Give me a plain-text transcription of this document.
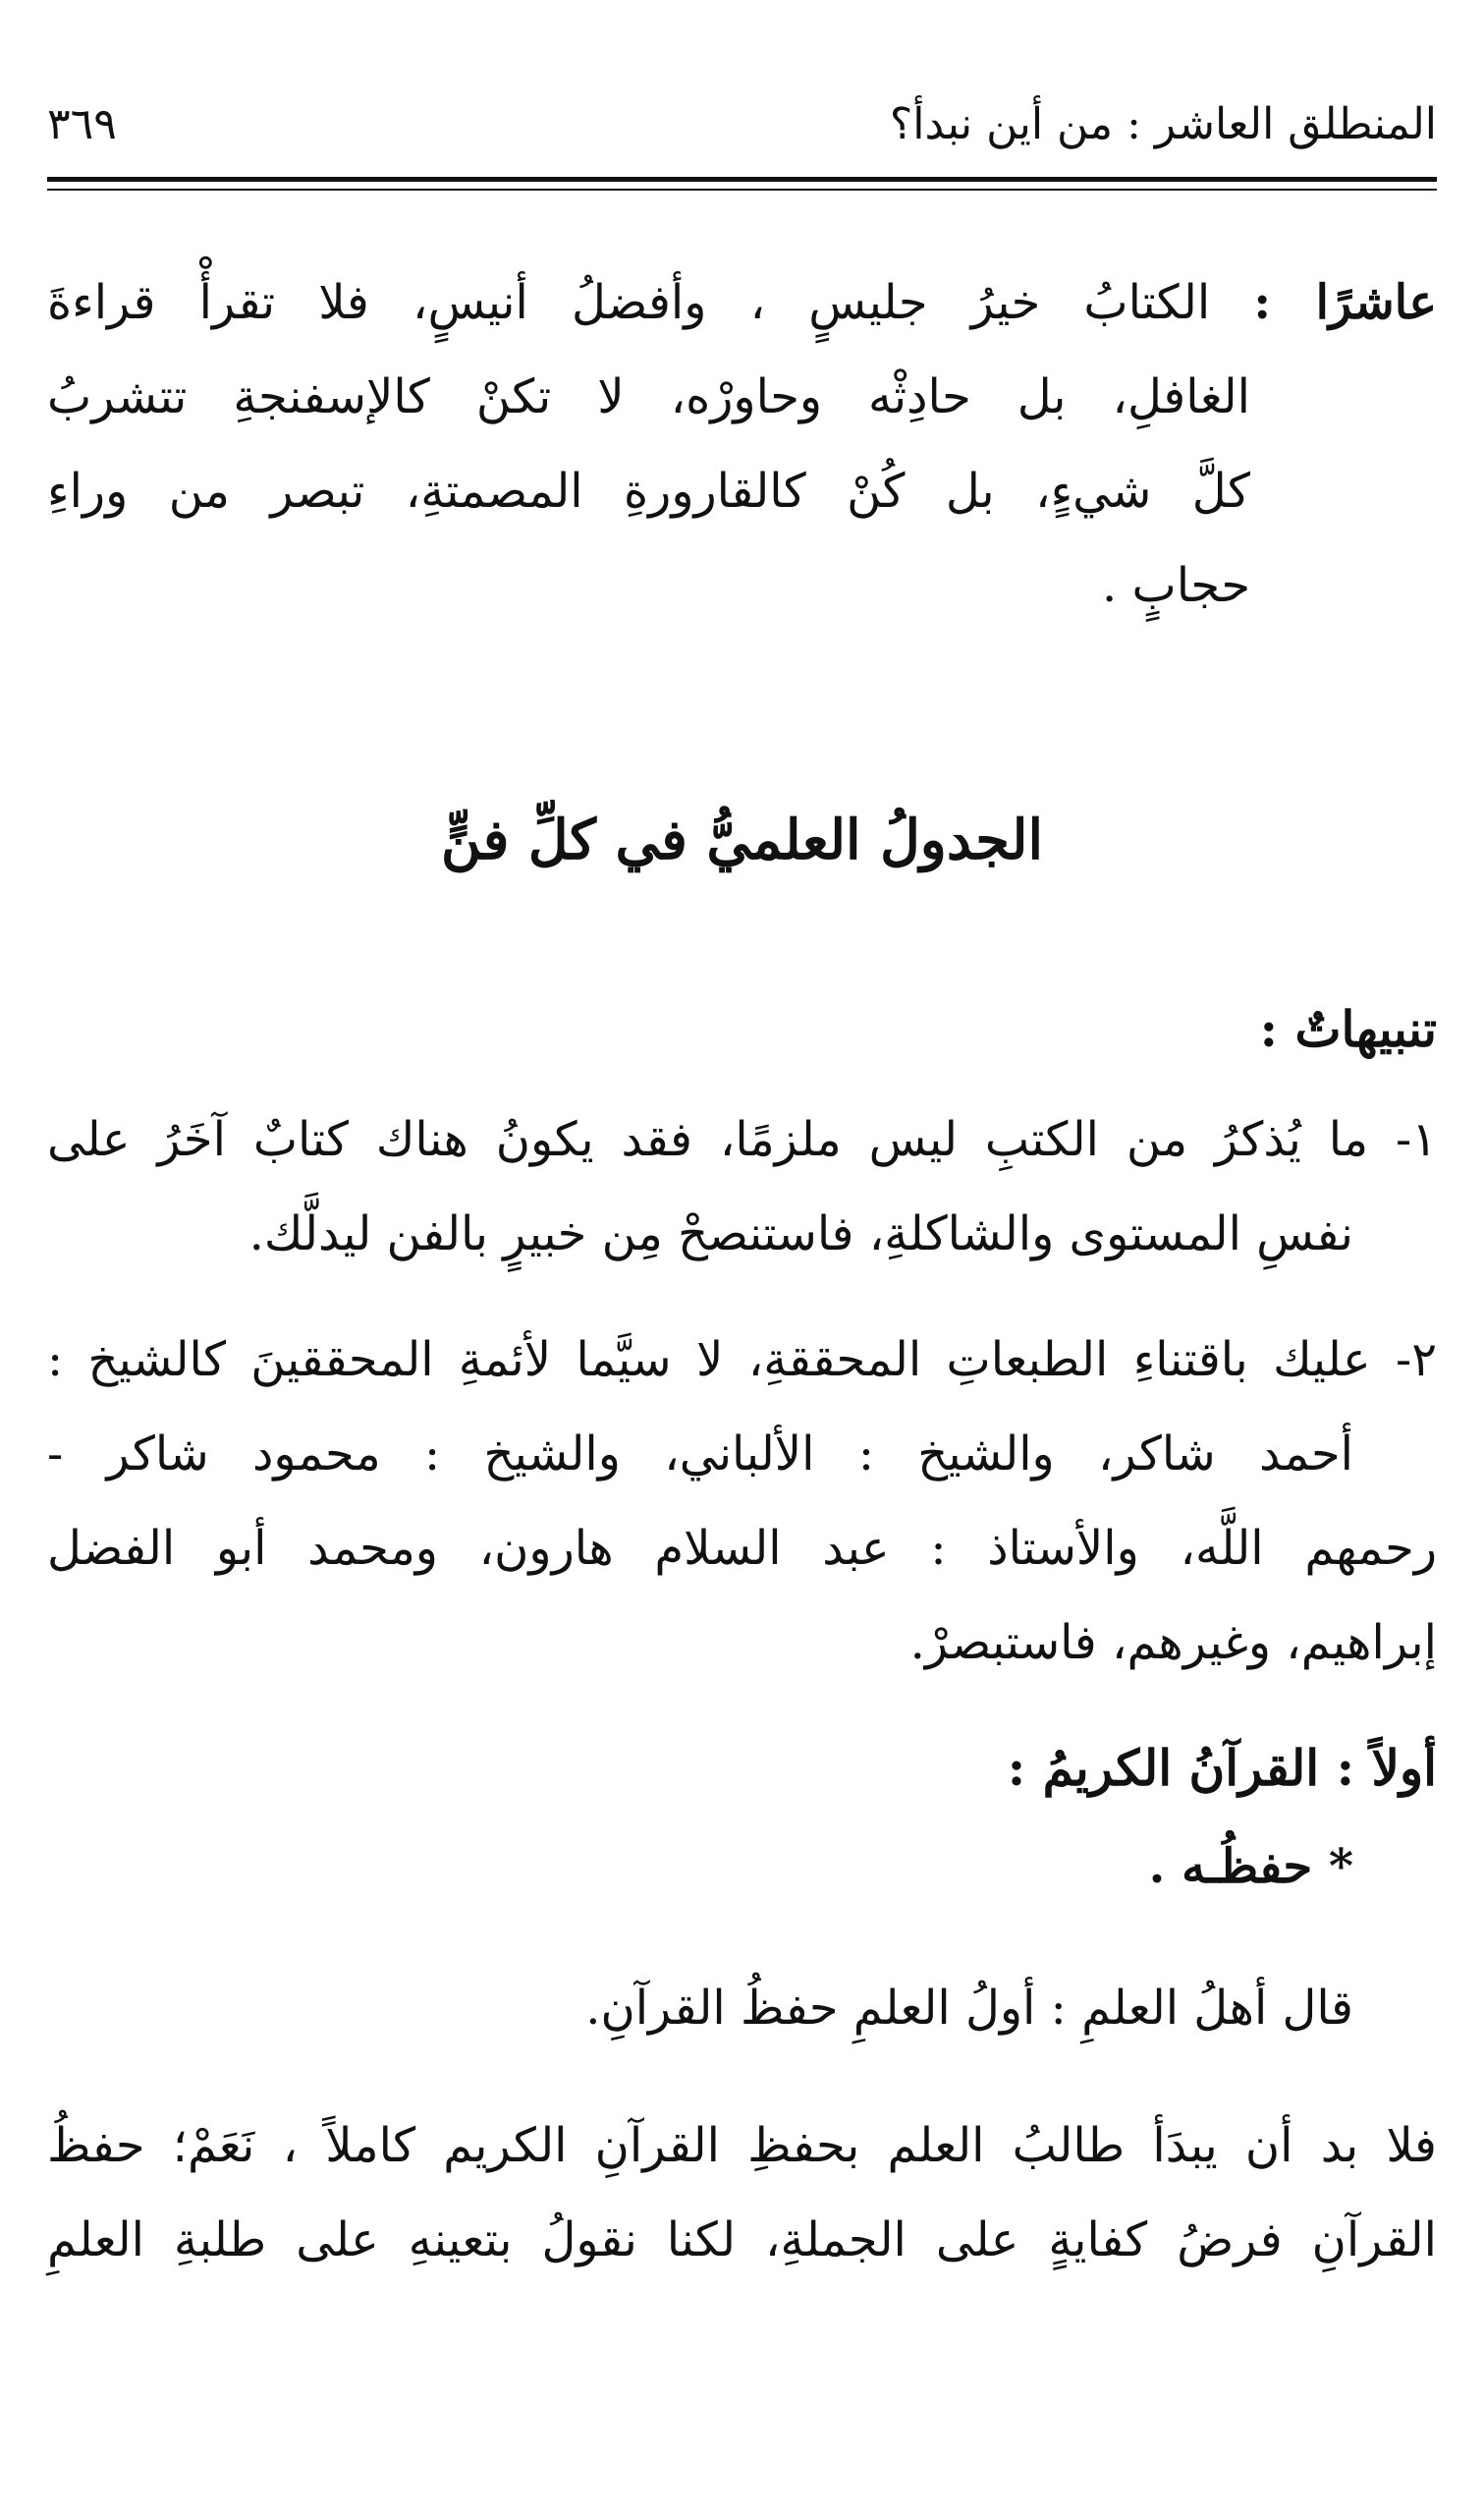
المنطلق العاشر : من أين نبدأ؟
٣٦٩
عاشرًا : الكتابُ خيرُ جليسٍ ، وأفضلُ أنيسٍ، فلا تقرأْ قراءةَ
الغافلِ، بل حادِثْه وحاورْه، لا تكنْ كالإسفنجةِ تتشربُ
كلَّ شيءٍ، بل كُنْ كالقارورةِ المصمتةِ، تبصر من وراءِ
حجابٍ .
الجدولُ العلميُّ في كلِّ فنٍّ
تنبيهاتٌ :
١- ما يُذكرُ من الكتبِ ليس ملزمًا، فقد يكونُ هناك كتابٌ آخَرُ على
نفسِ المستوى والشاكلةِ، فاستنصحْ مِن خبيرٍ بالفن ليدلَّك.
٢- عليك باقتناءِ الطبعاتِ المحققةِ، لا سيَّما لأئمةِ المحققينَ كالشيخ :
أحمد شاكر، والشيخ : الألباني، والشيخ : محمود شاكر -
رحمهم اللَّه، والأستاذ : عبد السلام هارون، ومحمد أبو الفضل
إبراهيم، وغيرهم، فاستبصرْ.
أولاً : القرآنُ الكريمُ :
* حفظُـه .
قال أهلُ العلمِ : أولُ العلمِ حفظُ القرآنِ.
فلا بد أن يبدَأ طالبُ العلم بحفظِ القرآنِ الكريم كاملاً ، نَعَمْ؛ حفظُ
القرآنِ فرضُ كفايةٍ على الجملةِ، لكنا نقولُ بتعينهِ على طلبةِ العلمِ
